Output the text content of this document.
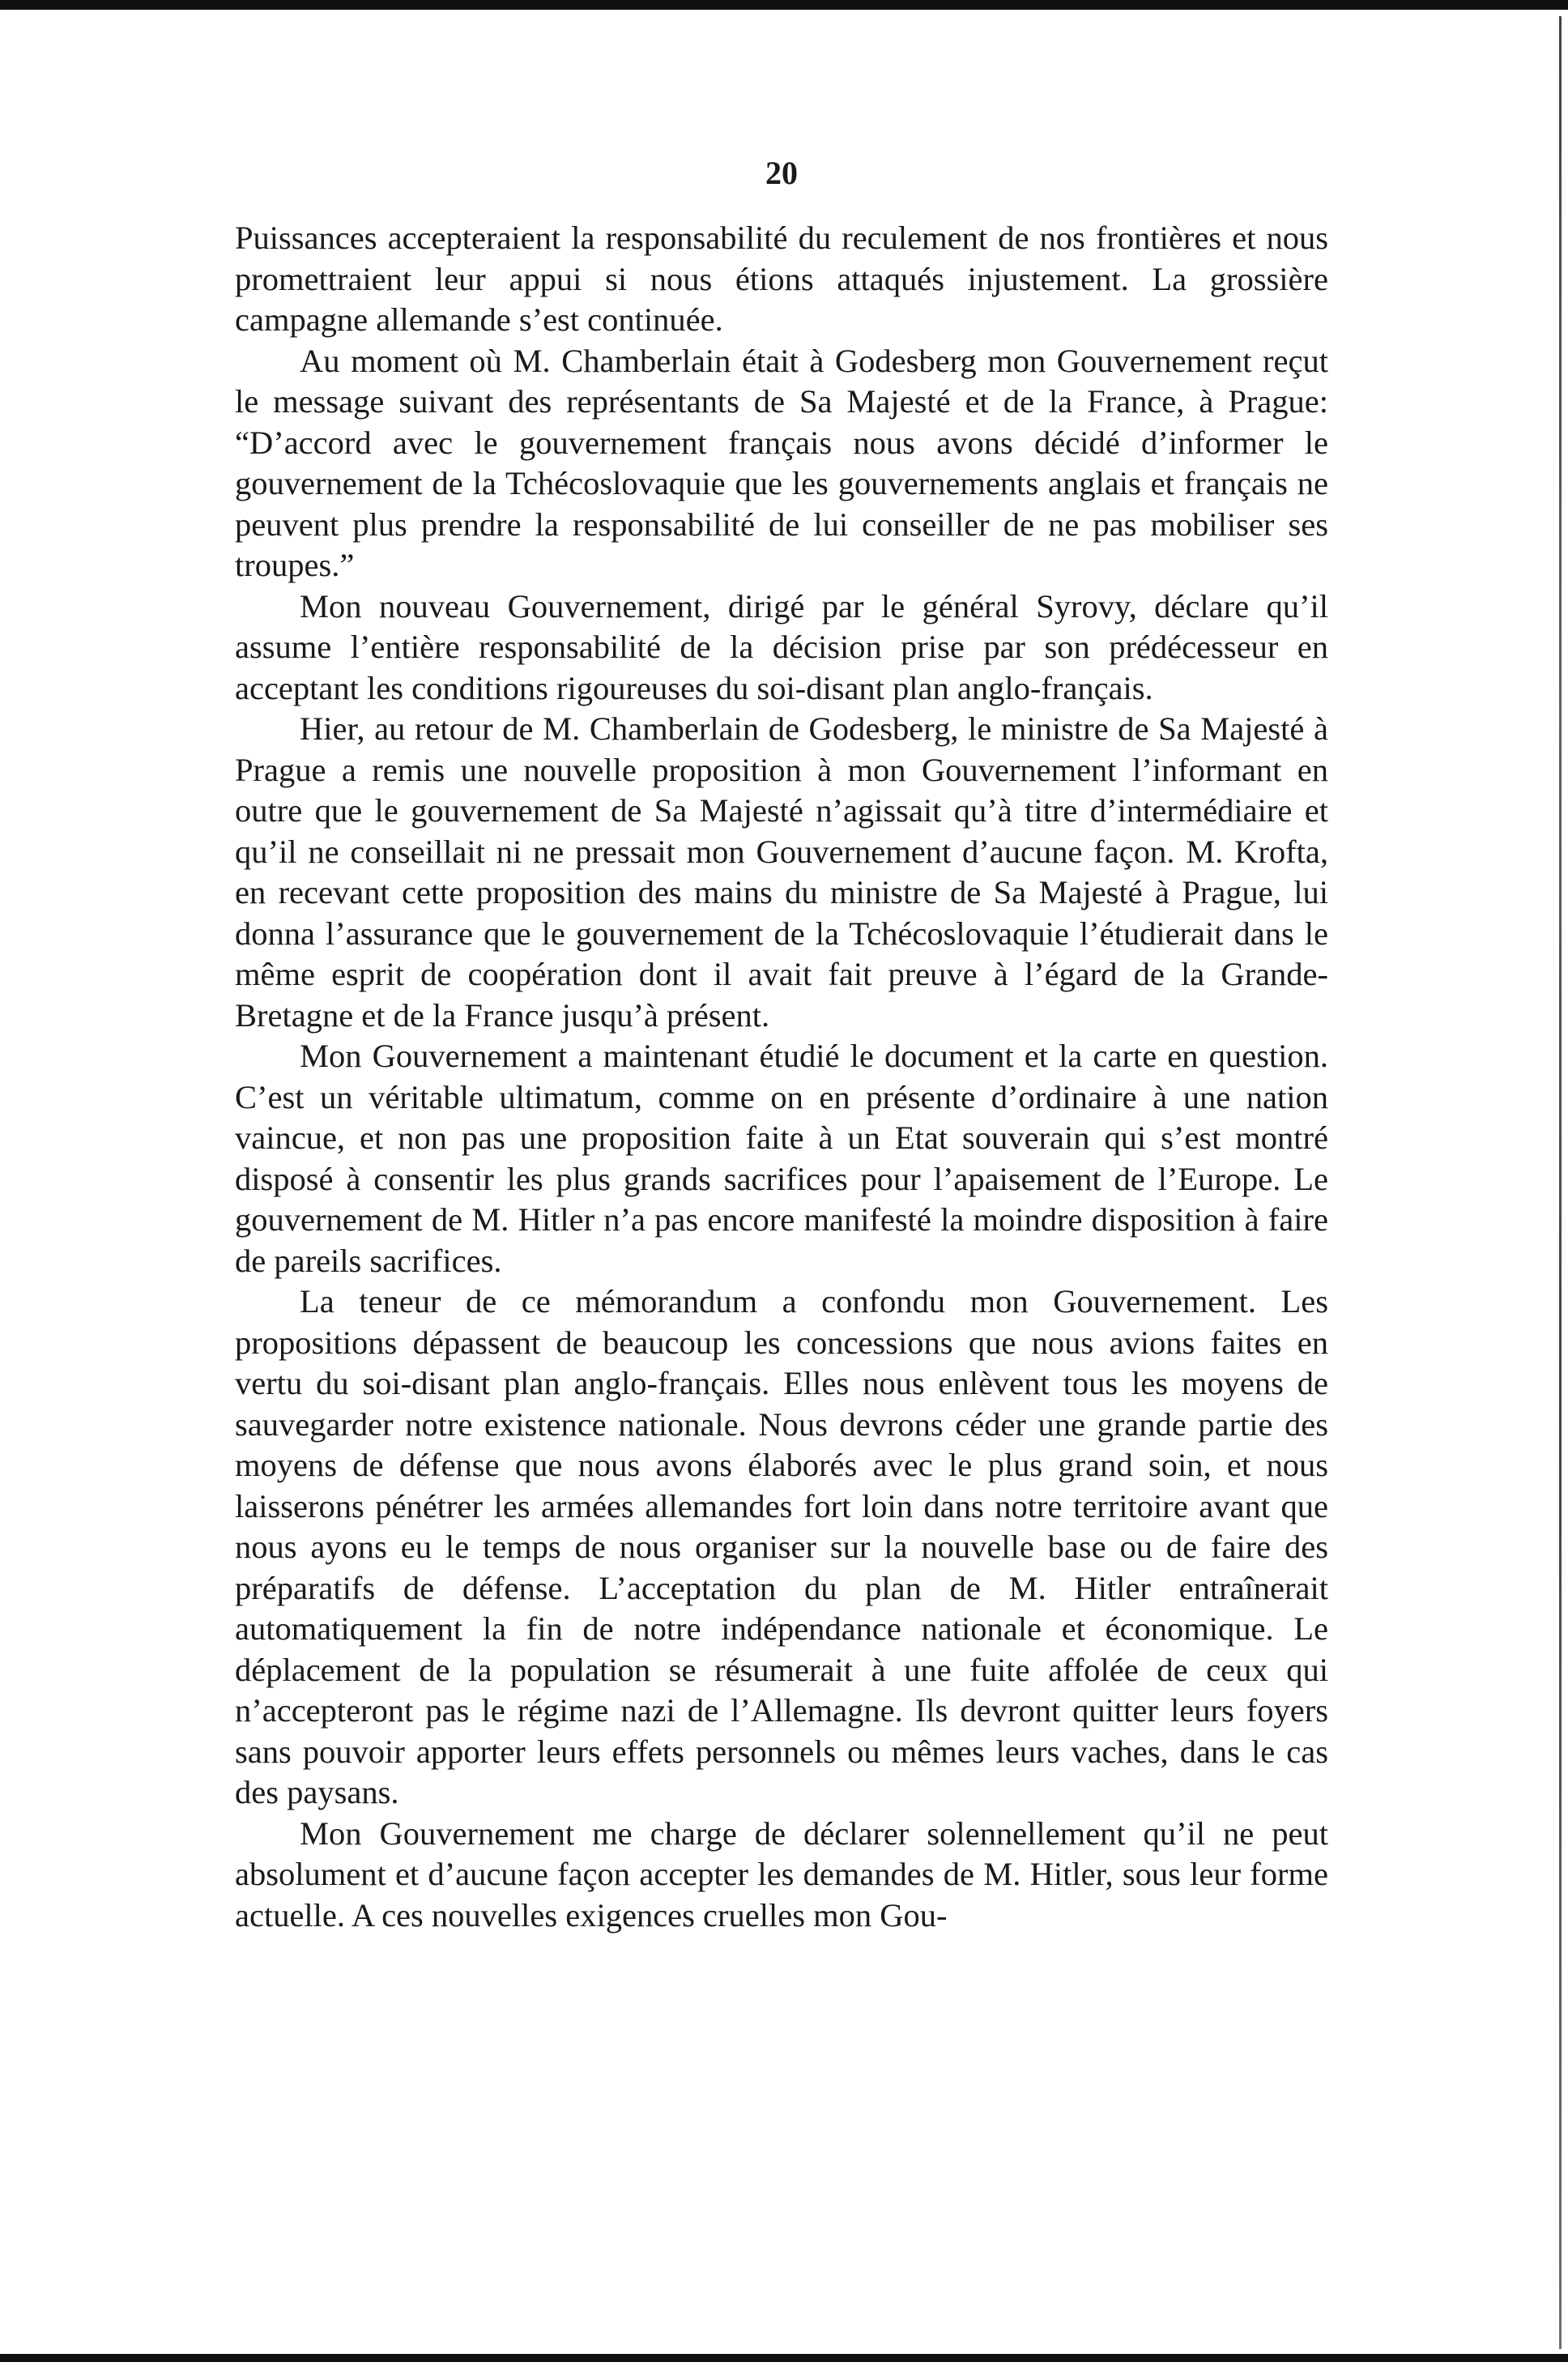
20

Puissances accepteraient la responsabilité du reculement de nos frontières et nous promettraient leur appui si nous étions attaqués injustement. La grossière campagne allemande s’est continuée.

Au moment où M. Chamberlain était à Godesberg mon Gouvernement reçut le message suivant des représentants de Sa Majesté et de la France, à Prague: “D’accord avec le gouvernement français nous avons décidé d’informer le gouvernement de la Tchécoslovaquie que les gouvernements anglais et français ne peuvent plus prendre la responsabilité de lui conseiller de ne pas mobiliser ses troupes.”

Mon nouveau Gouvernement, dirigé par le général Syrovy, déclare qu’il assume l’entière responsabilité de la décision prise par son prédécesseur en acceptant les conditions rigoureuses du soi-disant plan anglo-français.

Hier, au retour de M. Chamberlain de Godesberg, le ministre de Sa Majesté à Prague a remis une nouvelle proposition à mon Gouvernement l’informant en outre que le gouvernement de Sa Majesté n’agissait qu’à titre d’intermédiaire et qu’il ne conseillait ni ne pressait mon Gouvernement d’aucune façon. M. Krofta, en recevant cette proposition des mains du ministre de Sa Majesté à Prague, lui donna l’assurance que le gouvernement de la Tchécoslovaquie l’étudierait dans le même esprit de coopération dont il avait fait preuve à l’égard de la Grande-Bretagne et de la France jusqu’à présent.

Mon Gouvernement a maintenant étudié le document et la carte en question. C’est un véritable ultimatum, comme on en présente d’ordinaire à une nation vaincue, et non pas une proposition faite à un Etat souverain qui s’est montré disposé à consentir les plus grands sacrifices pour l’apaisement de l’Europe. Le gouvernement de M. Hitler n’a pas encore manifesté la moindre disposition à faire de pareils sacrifices.

La teneur de ce mémorandum a confondu mon Gouvernement. Les propositions dépassent de beaucoup les concessions que nous avions faites en vertu du soi-disant plan anglo-français. Elles nous enlèvent tous les moyens de sauvegarder notre existence nationale. Nous devrons céder une grande partie des moyens de défense que nous avons élaborés avec le plus grand soin, et nous laisserons pénétrer les armées allemandes fort loin dans notre territoire avant que nous ayons eu le temps de nous organiser sur la nouvelle base ou de faire des préparatifs de défense. L’acceptation du plan de M. Hitler entraînerait automatiquement la fin de notre indépendance nationale et économique. Le déplacement de la population se résumerait à une fuite affolée de ceux qui n’accepteront pas le régime nazi de l’Allemagne. Ils devront quitter leurs foyers sans pouvoir apporter leurs effets personnels ou mêmes leurs vaches, dans le cas des paysans.

Mon Gouvernement me charge de déclarer solennellement qu’il ne peut absolument et d’aucune façon accepter les demandes de M. Hitler, sous leur forme actuelle. A ces nouvelles exigences cruelles mon Gou-
